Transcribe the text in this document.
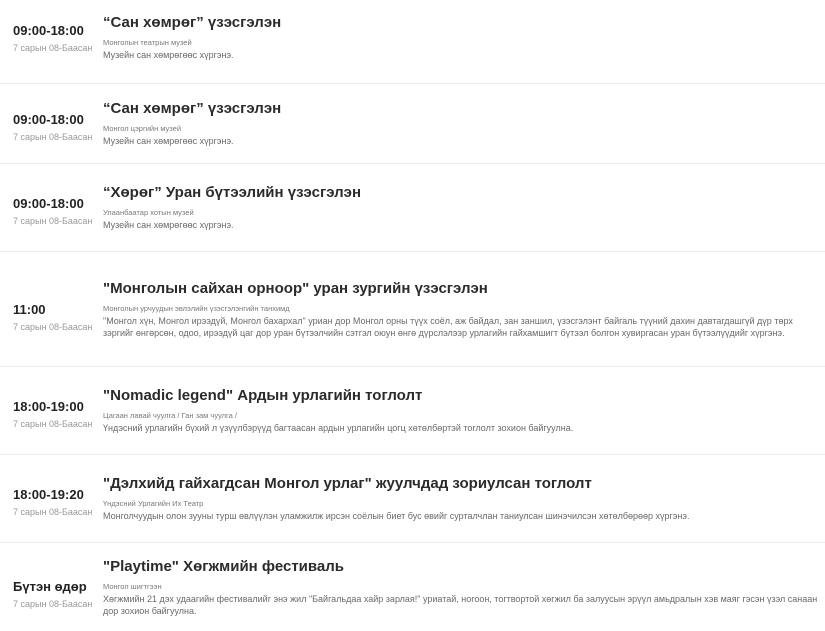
09:00-18:00
7 сарын 08-Баасан
“Сан хөмрөг” үзэсгэлэн
Монголын театрын музей
Музейн сан хөмрөгөөс хүргэнэ.
09:00-18:00
7 сарын 08-Баасан
“Сан хөмрөг” үзэсгэлэн
Монгол цэргийн музей
Музейн сан хөмрөгөөс хүргэнэ.
09:00-18:00
7 сарын 08-Баасан
“Хөрөг” Уран бүтээлийн үзэсгэлэн
Улаанбаатар хотын музей
Музейн сан хөмрөгөөс хүргэнэ.
11:00
7 сарын 08-Баасан
"Монголын сайхан орноор" уран зургийн үзэсгэлэн
Монголын урчуудын эвлэлийн үзэсгэлэнгийн танхимд
"Монгол хүн, Монгол ирээдүй, Монгол бахархал" уриан дор Монгол орны түүх соёл, аж байдал, зан заншил, үзэсгэлэнт байгаль түүний дахин давтагдашгүй дүр төрх зэргийг өнгөрсөн, одоо, ирээдүй цаг дор уран бүтээлчийн сэтгэл оюун өнгө дүрслэлээр урлагийн гайхамшигт бүтээл болгон хувиргасан уран бүтээлүүдийг хүргэнэ.
18:00-19:00
7 сарын 08-Баасан
"Nomadic legend" Ардын урлагийн тоглолт
Цагаан лавай чуулга / Ган зам чуулга /
Үндэсний урлагийн бүхий л үзүүлбэрүүд багтаасан ардын урлагийн цогц хөтөлбөртэй тоглолт зохион байгуулна.
18:00-19:20
7 сарын 08-Баасан
"Дэлхийд гайхагдсан Монгол урлаг" жуулчдад зориулсан тоглолт
Үндэсний Урлагийн Их Театр
Монголчуудын олон зууны турш өвлүүлэн уламжилж ирсэн соёлын биет бус өвийг сурталчлан таниулсан шинэчилсэн хөтөлбөрөөр хүргэнэ.
Бүтэн өдөр
7 сарын 08-Баасан
"Playtime" Хөгжмийн фестиваль
Монгол шигтгээн
Хөгжмийн 21 дэх удаагийн фестивалийг энэ жил "Байгальдаа хайр зарлая!" уриатай, ногоон, тогтвортой хөгжил ба залуусын эрүүл амьдралын хэв маяг гэсэн үзэл санаан дор зохион байгуулна.
